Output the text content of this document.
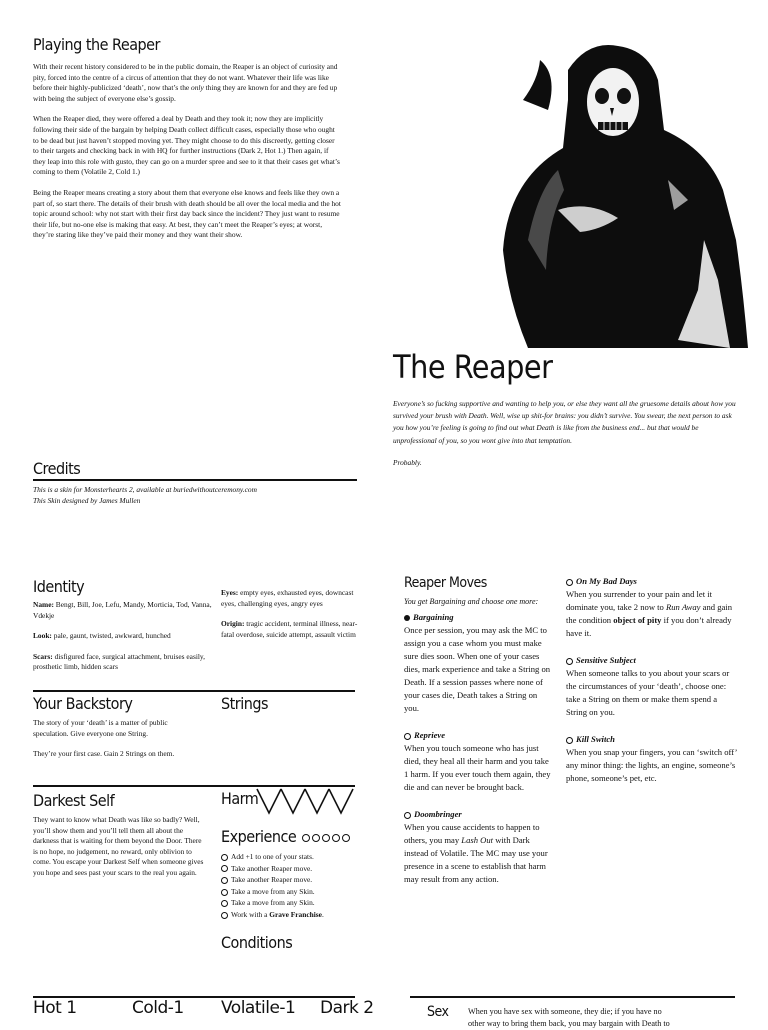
Playing the Reaper

With their recent history considered to be in the public domain, the Reaper is an object of curiosity and pity, forced into the centre of a circus of attention that they do not want. Whatever their life was like before their highly-publicized ‘death’, now that’s the only thing they are known for and they are fed up with being the subject of everyone else’s gossip.

When the Reaper died, they were offered a deal by Death and they took it; now they are implicitly following their side of the bargain by helping Death collect difficult cases, especially those who ought to be dead but just haven’t stopped moving yet. They might choose to do this discreetly, getting closer to their targets and checking back in with HQ for further instructions (Dark 2, Hot 1.) Then again, if they leap into this role with gusto, they can go on a murder spree and see to it that their cases get what’s coming to them (Volatile 2, Cold 1.)

Being the Reaper means creating a story about them that everyone else knows and feels like they own a part of, so start there. The details of their brush with death should be all over the local media and the hot topic around school: why not start with their first day back since the incident? They just want to resume their life, but no-one else is making that easy. At best, they can’t meet the Reaper’s eyes; at worst, they’re staring like they’ve paid their money and they want their show.

The Reaper

Everyone’s so fucking supportive and wanting to help you, or else they want all the gruesome details about how you survived your brush with Death. Well, wise up shit-for brains: you didn’t survive. You swear, the next person to ask you how you’re feeling is going to find out what Death is like from the business end... but that would be unprofessional of you, so you wont give into that temptation.

Probably.

Credits
This is a skin for Monsterhearts 2, available at buriedwithoutceremony.com
This Skin designed by James Mullen
Identity

Name: Bengt, Bill, Joe, Lefu, Mandy, Morticia, Tod, Vanna, Vdekje

Look: pale, gaunt, twisted, awkward, hunched

Scars: disfigured face, surgical attachment, bruises easily, prosthetic limb, hidden scars

Eyes: empty eyes, exhausted eyes, downcast eyes, challenging eyes, angry eyes

Origin: tragic accident, terminal illness, near-fatal overdose, suicide attempt, assault victim

Your Backstory

The story of your ‘death’ is a matter of public speculation. Give everyone one String.

They’re your first case. Gain 2 Strings on them.

Strings
Darkest Self
They want to know what Death was like so badly? Well, you’ll show them and you’ll tell them all about the darkness that is waiting for them beyond the Door. There is no hope, no judgement, no reward, only oblivion to come. You escape your Darkest Self when someone gives you hope and sees past your scars to the real you again.
Harm
Experience
Add +1 to one of your stats.
Take another Reaper move.
Take another Reaper move.
Take a move from any Skin.
Take a move from any Skin.
Work with a Grave Franchise.
Conditions
Hot 1	Cold-1 Volatile-1 Dark 2
Reaper Moves
You get Bargaining and choose one more:
Bargaining
Once per session, you may ask the MC to assign you a case whom you must make sure dies soon. When one of your cases dies, mark experience and take a String on Death. If a session passes where none of your cases die, Death takes a String on you.
Reprieve
When you touch someone who has just died, they heal all their harm and you take 1 harm. If you ever touch them again, they die and can never be brought back.
Doombringer
When you cause accidents to happen to others, you may Lash Out with Dark instead of Volatile. The MC may use your presence in a scene to establish that harm may result from any action.
On My Bad Days
When you surrender to your pain and let it dominate you, take 2 now to Run Away and gain the condition object of pity if you don’t already have it.
Sensitive Subject
When someone talks to you about your scars or the circumstances of your ‘death’, choose one: take a String on them or make them spend a String on you.
Kill Switch
When you snap your fingers, you can ‘switch off’ any minor thing: the lights, an engine, someone’s phone, someone’s pet, etc.
Sex When you have sex with someone, they die; if you have no
other way to bring them back, you may bargain with Death to
